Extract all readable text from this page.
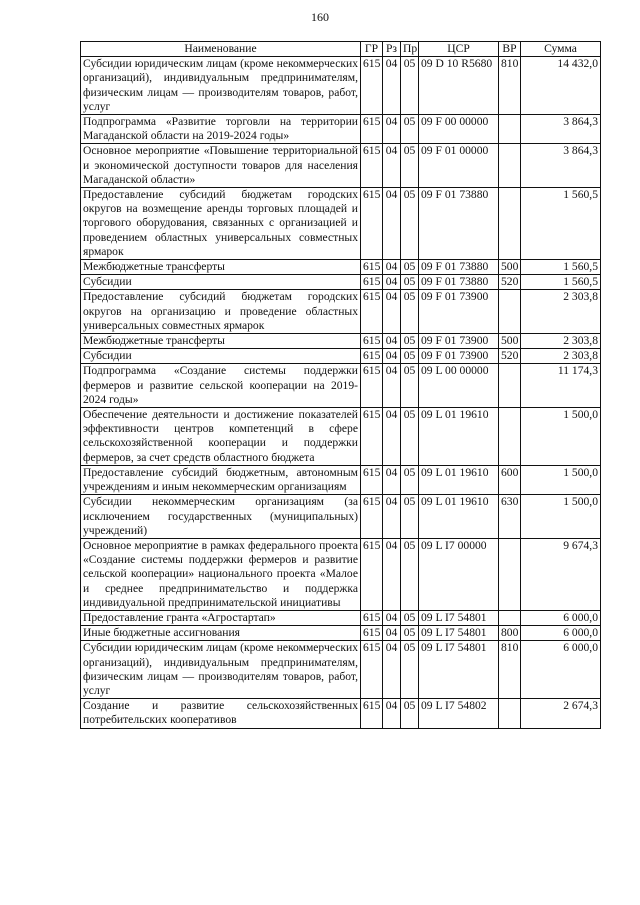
160
Наименование	ГР	Рз	Пр	ЦСР	ВР	Сумма
Субсидии юридическим лицам (кроме некоммерческих организаций), индивидуальным предпринимателям, физическим лицам — производителям товаров, работ, услуг	615	04	05	09 D 10 R5680	810	14 432,0
Подпрограмма «Развитие торговли на территории Магаданской области на 2019-2024 годы»	615	04	05	09 F 00 00000		3 864,3
Основное мероприятие «Повышение территориальной и экономической доступности товаров для населения Магаданской области»	615	04	05	09 F 01 00000		3 864,3
Предоставление субсидий бюджетам городских округов на возмещение аренды торговых площадей и торгового оборудования, связанных с организацией и проведением областных универсальных совместных ярмарок	615	04	05	09 F 01 73880		1 560,5
Межбюджетные трансферты	615	04	05	09 F 01 73880	500	1 560,5
Субсидии	615	04	05	09 F 01 73880	520	1 560,5
Предоставление субсидий бюджетам городских округов на организацию и проведение областных универсальных совместных ярмарок	615	04	05	09 F 01 73900		2 303,8
Межбюджетные трансферты	615	04	05	09 F 01 73900	500	2 303,8
Субсидии	615	04	05	09 F 01 73900	520	2 303,8
Подпрограмма «Создание системы поддержки фермеров и развитие сельской кооперации на 2019-2024 годы»	615	04	05	09 L 00 00000		11 174,3
Обеспечение деятельности и достижение показателей эффективности центров компетенций в сфере сельскохозяйственной кооперации и поддержки фермеров, за счет средств областного бюджета	615	04	05	09 L 01 19610		1 500,0
Предоставление субсидий бюджетным, автономным учреждениям и иным некоммерческим организациям	615	04	05	09 L 01 19610	600	1 500,0
Субсидии некоммерческим организациям (за исключением государственных (муниципальных) учреждений)	615	04	05	09 L 01 19610	630	1 500,0
Основное мероприятие в рамках федерального проекта «Создание системы поддержки фермеров и развитие сельской кооперации» национального проекта «Малое и среднее предпринимательство и поддержка индивидуальной предпринимательской инициативы	615	04	05	09 L I7 00000		9 674,3
Предоставление гранта «Агростартап»	615	04	05	09 L I7 54801		6 000,0
Иные бюджетные ассигнования	615	04	05	09 L I7 54801	800	6 000,0
Субсидии юридическим лицам (кроме некоммерческих организаций), индивидуальным предпринимателям, физическим лицам — производителям товаров, работ, услуг	615	04	05	09 L I7 54801	810	6 000,0
Создание и развитие сельскохозяйственных потребительских кооперативов	615	04	05	09 L I7 54802		2 674,3
